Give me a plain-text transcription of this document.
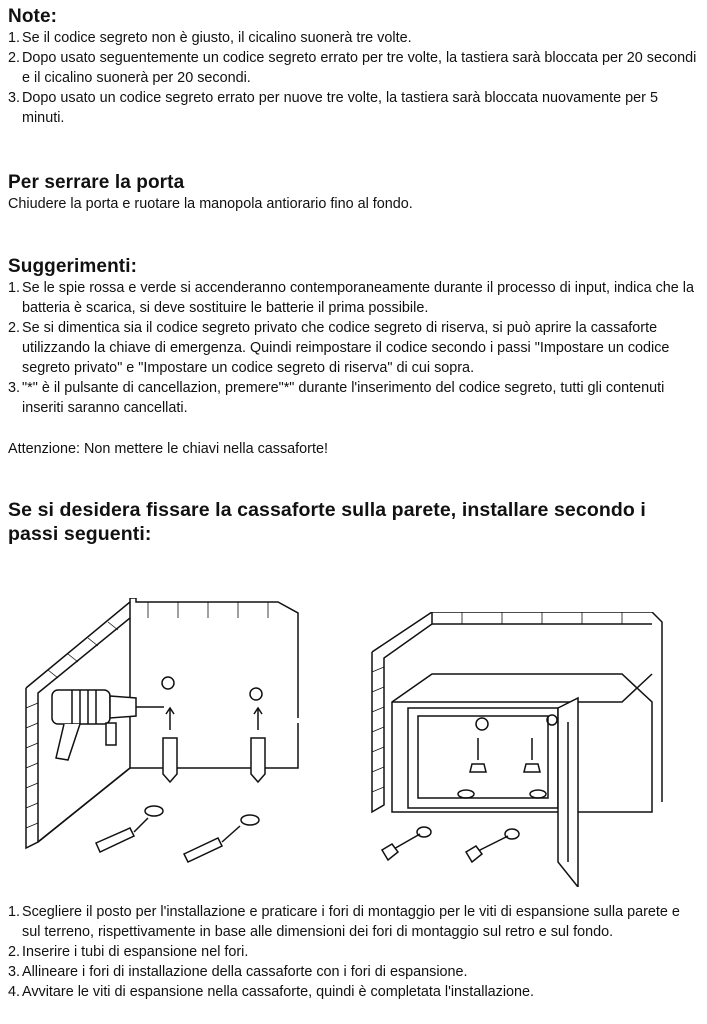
Note:
1. Se il codice segreto non è giusto, il cicalino suonerà tre volte.
2. Dopo usato seguentemente un codice segreto errato per tre volte, la tastiera sarà bloccata per 20 secondi e il cicalino suonerà per 20 secondi.
3. Dopo usato un codice segreto errato per nuove tre volte, la tastiera sarà bloccata nuovamente per 5 minuti.
Per serrare la porta

Chiudere la porta e ruotare la manopola antiorario fino al fondo.

Suggerimenti:
1. Se le spie rossa e verde si accenderanno contemporaneamente durante il processo di input, indica che la batteria è scarica, si deve sostituire le batterie il prima possibile.
2. Se si dimentica sia il codice segreto privato che codice segreto di riserva, si può aprire la cassaforte utilizzando la chiave di emergenza. Quindi reimpostare il codice secondo i passi "Impostare un codice segreto privato" e "Impostare un codice segreto di riserva" di cui sopra.
3. "*" è il pulsante di cancellazion, premere"*" durante l'inserimento del codice segreto, tutti gli contenuti inseriti saranno cancellati.
Attenzione: Non mettere le chiavi nella cassaforte!
Se si desidera fissare la cassaforte sulla parete, installare secondo i passi seguenti:
1. Scegliere il posto per l'installazione e praticare i fori di montaggio per le viti di espansione sulla parete e sul terreno, rispettivamente in base alle dimensioni dei fori di montaggio sul retro e sul fondo.
2. Inserire i tubi di espansione nel fori.
3. Allineare i fori di installazione della cassaforte con i fori di espansione.
4. Avvitare le viti di espansione nella cassaforte, quindi è completata l'installazione.
